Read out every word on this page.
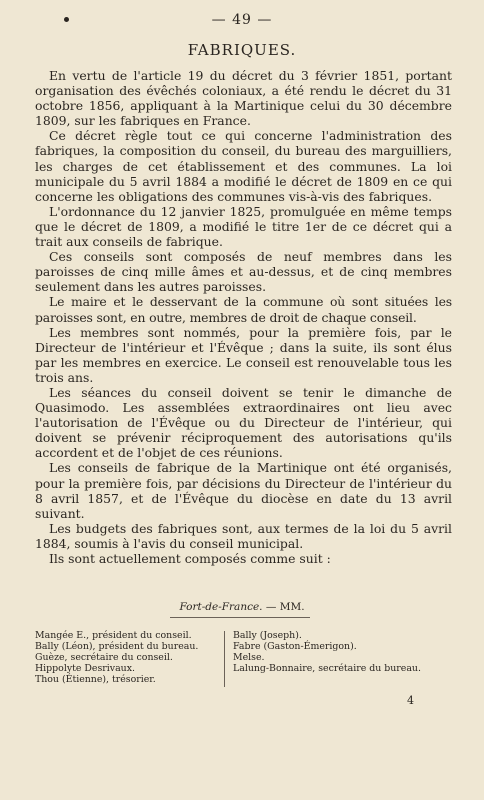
— 49 —
FABRIQUES.

En vertu de l'article 19 du décret du 3 février 1851, portant organisation des évêchés coloniaux, a été rendu le décret du 31 octobre 1856, appliquant à la Martinique celui du 30 décembre 1809, sur les fabriques en France.

Ce décret règle tout ce qui concerne l'administration des fabriques, la composition du conseil, du bureau des marguilliers, les charges de cet établissement et des communes. La loi municipale du 5 avril 1884 a modifié le décret de 1809 en ce qui concerne les obligations des communes vis-à-vis des fabriques.

L'ordonnance du 12 janvier 1825, promulguée en même temps que le décret de 1809, a modifié le titre 1er de ce décret qui a trait aux conseils de fabrique.

Ces conseils sont composés de neuf membres dans les paroisses de cinq mille âmes et au-dessus, et de cinq membres seulement dans les autres paroisses.

Le maire et le desservant de la commune où sont situées les paroisses sont, en outre, membres de droit de chaque conseil.

Les membres sont nommés, pour la première fois, par le Directeur de l'intérieur et l'Évêque ; dans la suite, ils sont élus par les membres en exercice. Le conseil est renouvelable tous les trois ans.

Les séances du conseil doivent se tenir le dimanche de Quasimodo. Les assemblées extraordinaires ont lieu avec l'autorisation de l'Évêque ou du Directeur de l'intérieur, qui doivent se prévenir réciproquement des autorisations qu'ils accordent et de l'objet de ces réunions.

Les conseils de fabrique de la Martinique ont été organisés, pour la première fois, par décisions du Directeur de l'intérieur du 8 avril 1857, et de l'Évêque du diocèse en date du 13 avril suivant.

Les budgets des fabriques sont, aux termes de la loi du 5 avril 1884, soumis à l'avis du conseil municipal.

Ils sont actuellement composés comme suit :

Fort-de-France. — MM.
Mangée E., président du conseil.
Bally (Léon), président du bureau.
Guèze, secrétaire du conseil.
Hippolyte Desrivaux.
Thou (Étienne), trésorier.
Bally (Joseph).
Fabre (Gaston-Émerigon).
Melse.
Lalung-Bonnaire, secrétaire du bureau.
4
